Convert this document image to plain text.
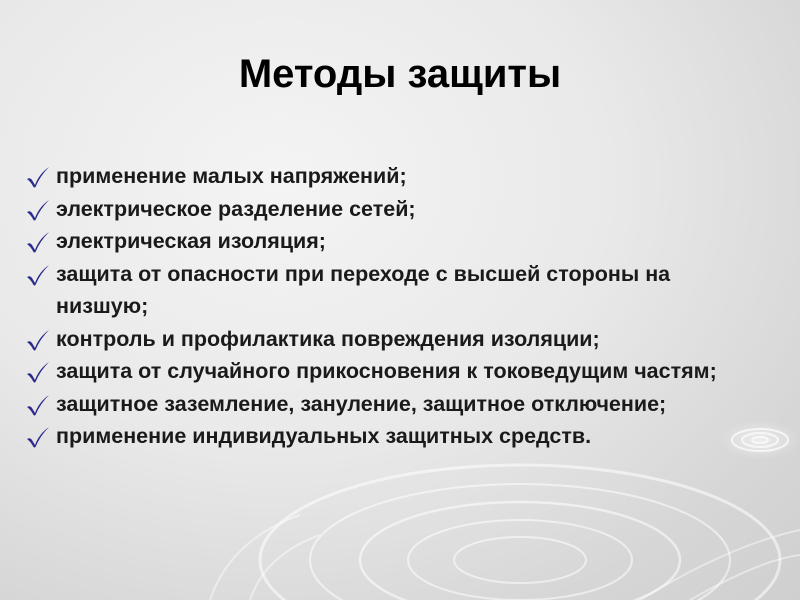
Методы защиты
применение малых напряжений;
электрическое разделение сетей;
электрическая изоляция;
защита от опасности при переходе с высшей стороны на низшую;
контроль и профилактика повреждения изоляции;
защита от случайного прикосновения к токоведущим частям;
защитное заземление, зануление, защитное отключение;
применение индивидуальных защитных средств.
